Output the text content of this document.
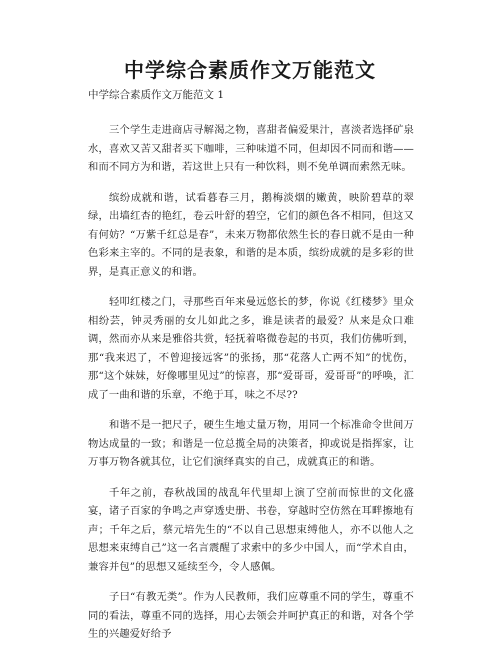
中学综合素质作文万能范文
中学综合素质作文万能范文 1

三个学生走进商店寻解渴之物，喜甜者偏爱果汁，喜淡者选择矿泉水，喜欢又苦又甜者买下咖啡，三种味道不同，但却因不同而和谐——和而不同方为和谐，若这世上只有一种饮料，则不免单调而索然无味。

缤纷成就和谐，试看暮春三月，鹅梅淡烟的嫩黄，映阶碧草的翠绿，出墙红杏的艳红，卷云叶舒的碧空，它们的颜色各不相同，但这又有何妨？“万紫千红总是春”，未来万物都依然生长的春日就不是由一种色彩来主宰的。不同的是表象，和谐的是本质，缤纷成就的是多彩的世界，是真正意义的和谐。

轻叩红楼之门，寻那些百年来曼远悠长的梦，你说《红楼梦》里众相纷芸，钟灵秀丽的女儿如此之多，谁是读者的最爱？从来是众口难调，然而亦从来是雅俗共赏，轻抚着咯微卷起的书页，我们仿佛听到，那“我来迟了，不曾迎接远客”的张扬，那“花落人亡两不知”的忧伤，那“这个妹妹，好像哪里见过”的惊喜，那“爱哥哥，爱哥哥”的呼唤，汇成了一曲和谐的乐章，不绝于耳，味之不尽??

和谐不是一把尺子，硬生生地丈量万物，用同一个标准命令世间万物达成量的一致；和谐是一位总揽全局的决策者，抑或说是指挥家，让万事万物各就其位，让它们演绎真实的自己，成就真正的和谐。

千年之前，春秋战国的战乱年代里却上演了空前而惊世的文化盛宴，诸子百家的争鸣之声穿透史册、书卷，穿越时空仿然在耳畔擦地有声；千年之后，蔡元培先生的“不以自己思想束缚他人，亦不以他人之思想来束缚自己”这一名言震醒了求索中的多少中国人，而“学术自由，兼容并包”的思想又延续至今，令人感佩。

子曰“有教无类”。作为人民教师，我们应尊重不同的学生，尊重不同的看法，尊重不同的选择，用心去领会并呵护真正的和谐，对各个学生的兴趣爱好给予
